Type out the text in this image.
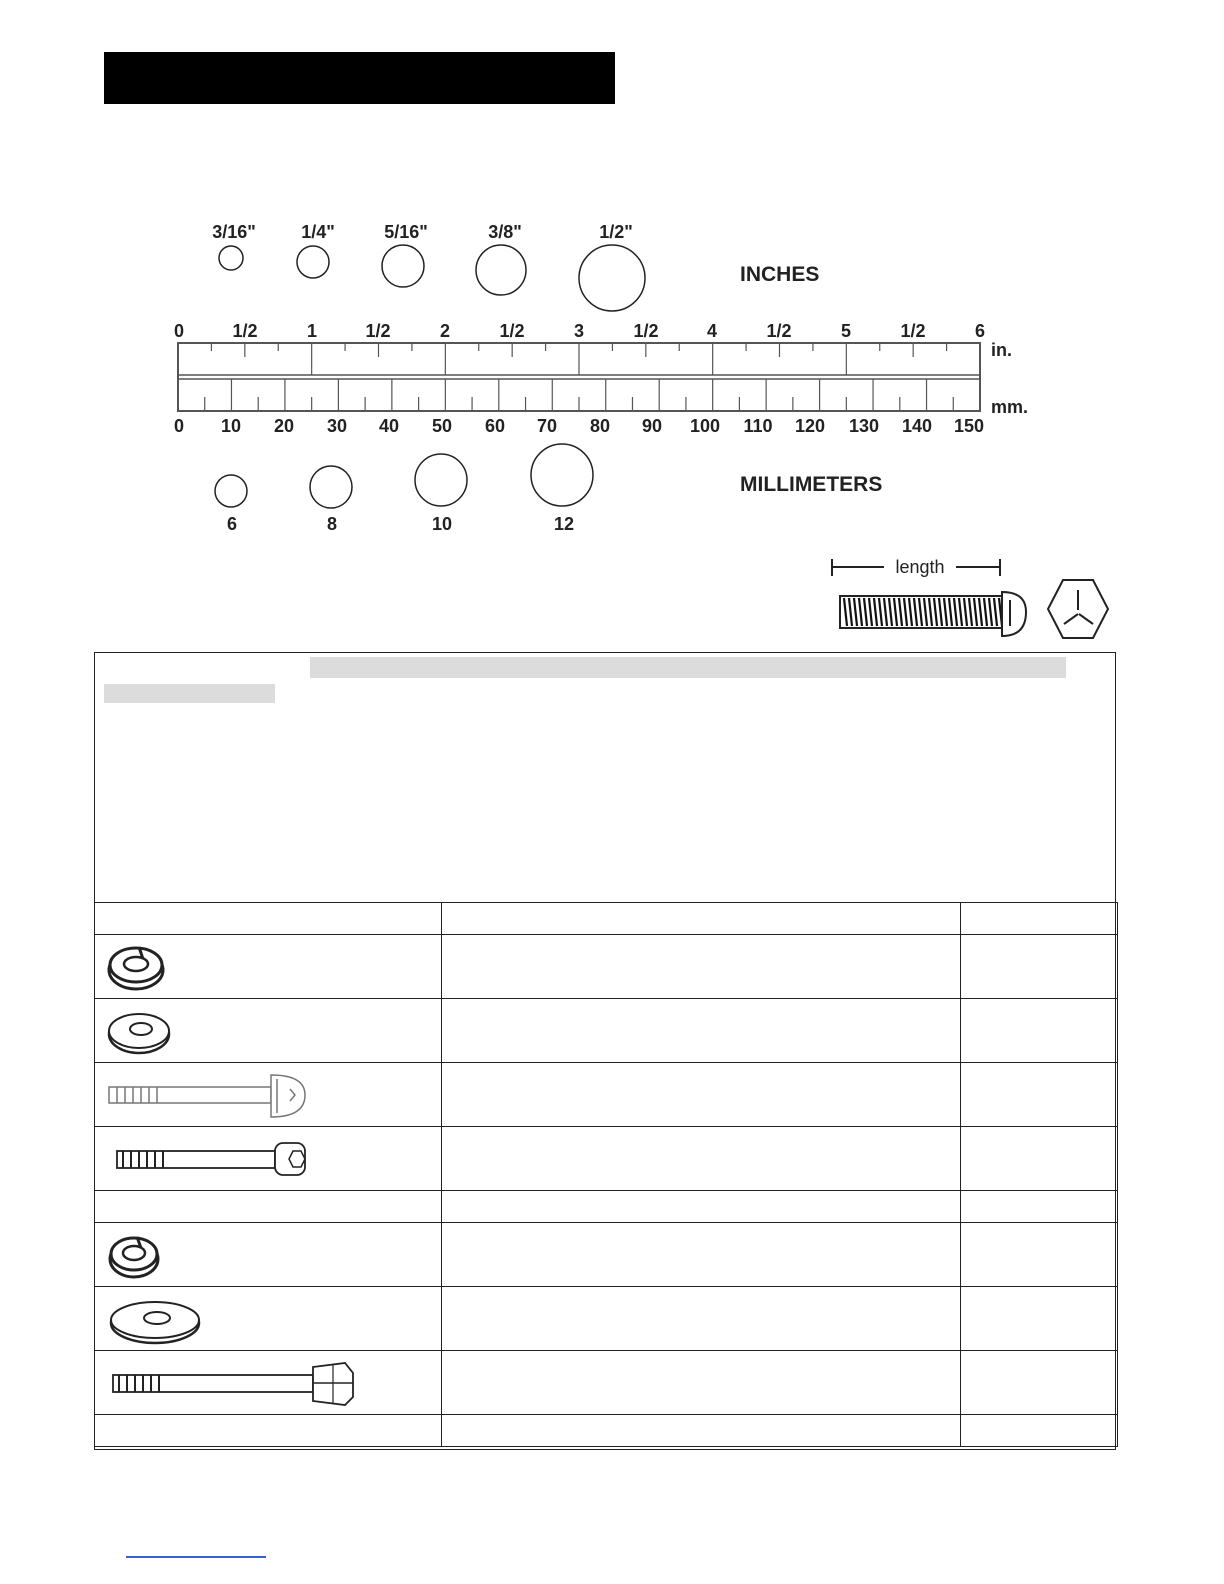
3/16"	1/4"	5/16"	3/8"	1/2"
INCHES
0	1/2	1	1/2	2	1/2	3	1/2	4	1/2	5	1/2	6
in.
mm.
0 10 20 30 40 50 60 70 80 90 100 110 120 130 140 150
6	8	10	12
MILLIMETERS
length
